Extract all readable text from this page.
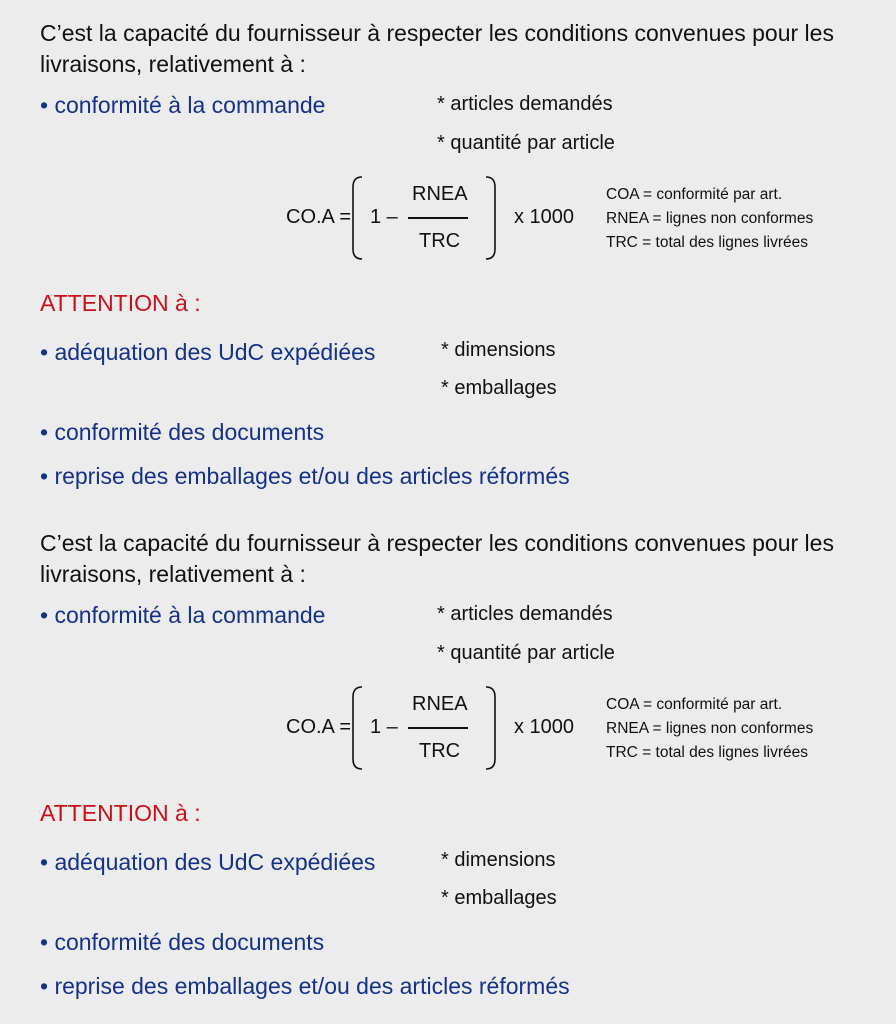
C’est la capacité du fournisseur à respecter les conditions convenues pour les
livraisons, relativement à :
• conformité à la commande	* articles demandés
* quantité par article
CO.A = 1 –
RNEA
TRC
x 1000
COA = conformité par art.
RNEA = lignes non conformes
TRC = total des lignes livrées
ATTENTION à :
• adéquation des UdC expédiées	* dimensions
* emballages
• conformité des documents
• reprise des emballages et/ou des articles réformés
C’est la capacité du fournisseur à respecter les conditions convenues pour les
livraisons, relativement à :
• conformité à la commande	* articles demandés
* quantité par article
CO.A = 1 –
RNEA
TRC
x 1000
COA = conformité par art.
RNEA = lignes non conformes
TRC = total des lignes livrées
ATTENTION à :
• adéquation des UdC expédiées	* dimensions
* emballages
• conformité des documents
• reprise des emballages et/ou des articles réformés
